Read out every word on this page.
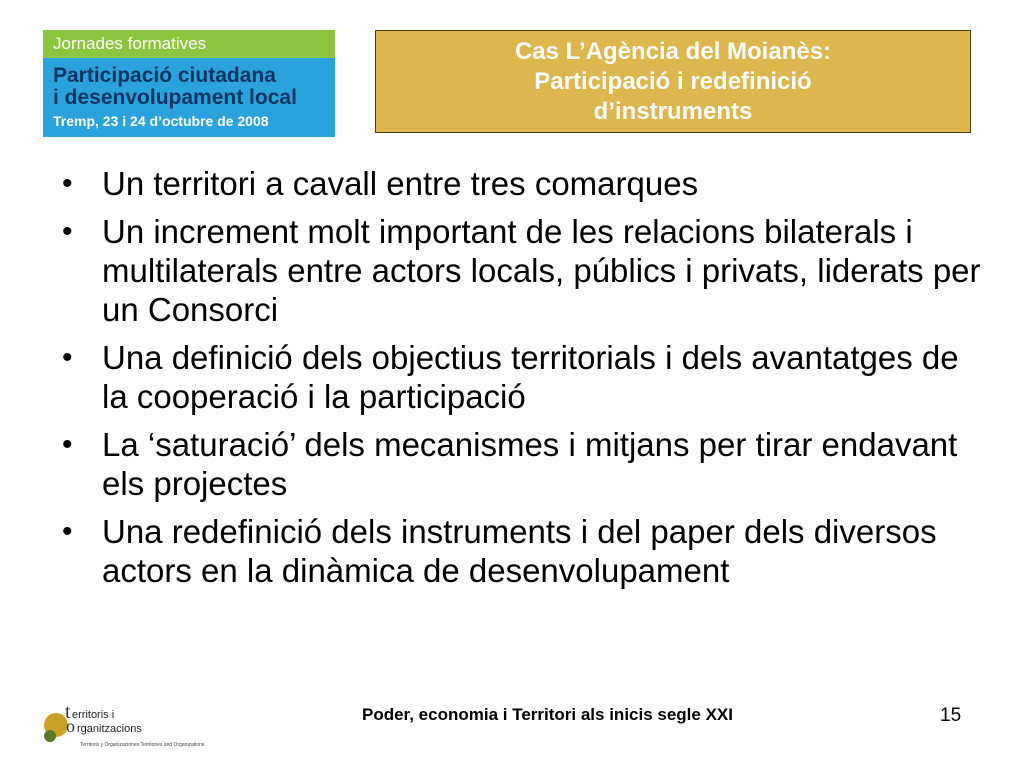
Jornades formatives
Participació ciutadana
i desenvolupament local
Tremp, 23 i 24 d’octubre de 2008
Cas L’Agència del Moianès:
Participació i redefinició
d’instruments
• Un territori a cavall entre tres comarques
• Un increment molt important de les relacions bilaterals i multilaterals entre actors locals, públics i privats, liderats per un Consorci
• Una definició dels objectius territorials i dels avantatges de la cooperació i la participació
• La ‘saturació’ dels mecanismes i mitjans per tirar endavant els projectes
• Una redefinició dels instruments i del paper dels diversos actors en la dinàmica de desenvolupament
t erritoris i
o rganitzacions
Territoris y Organizaciones Territories and Organizations
Poder, economia i Territori als inicis segle XXI	15
